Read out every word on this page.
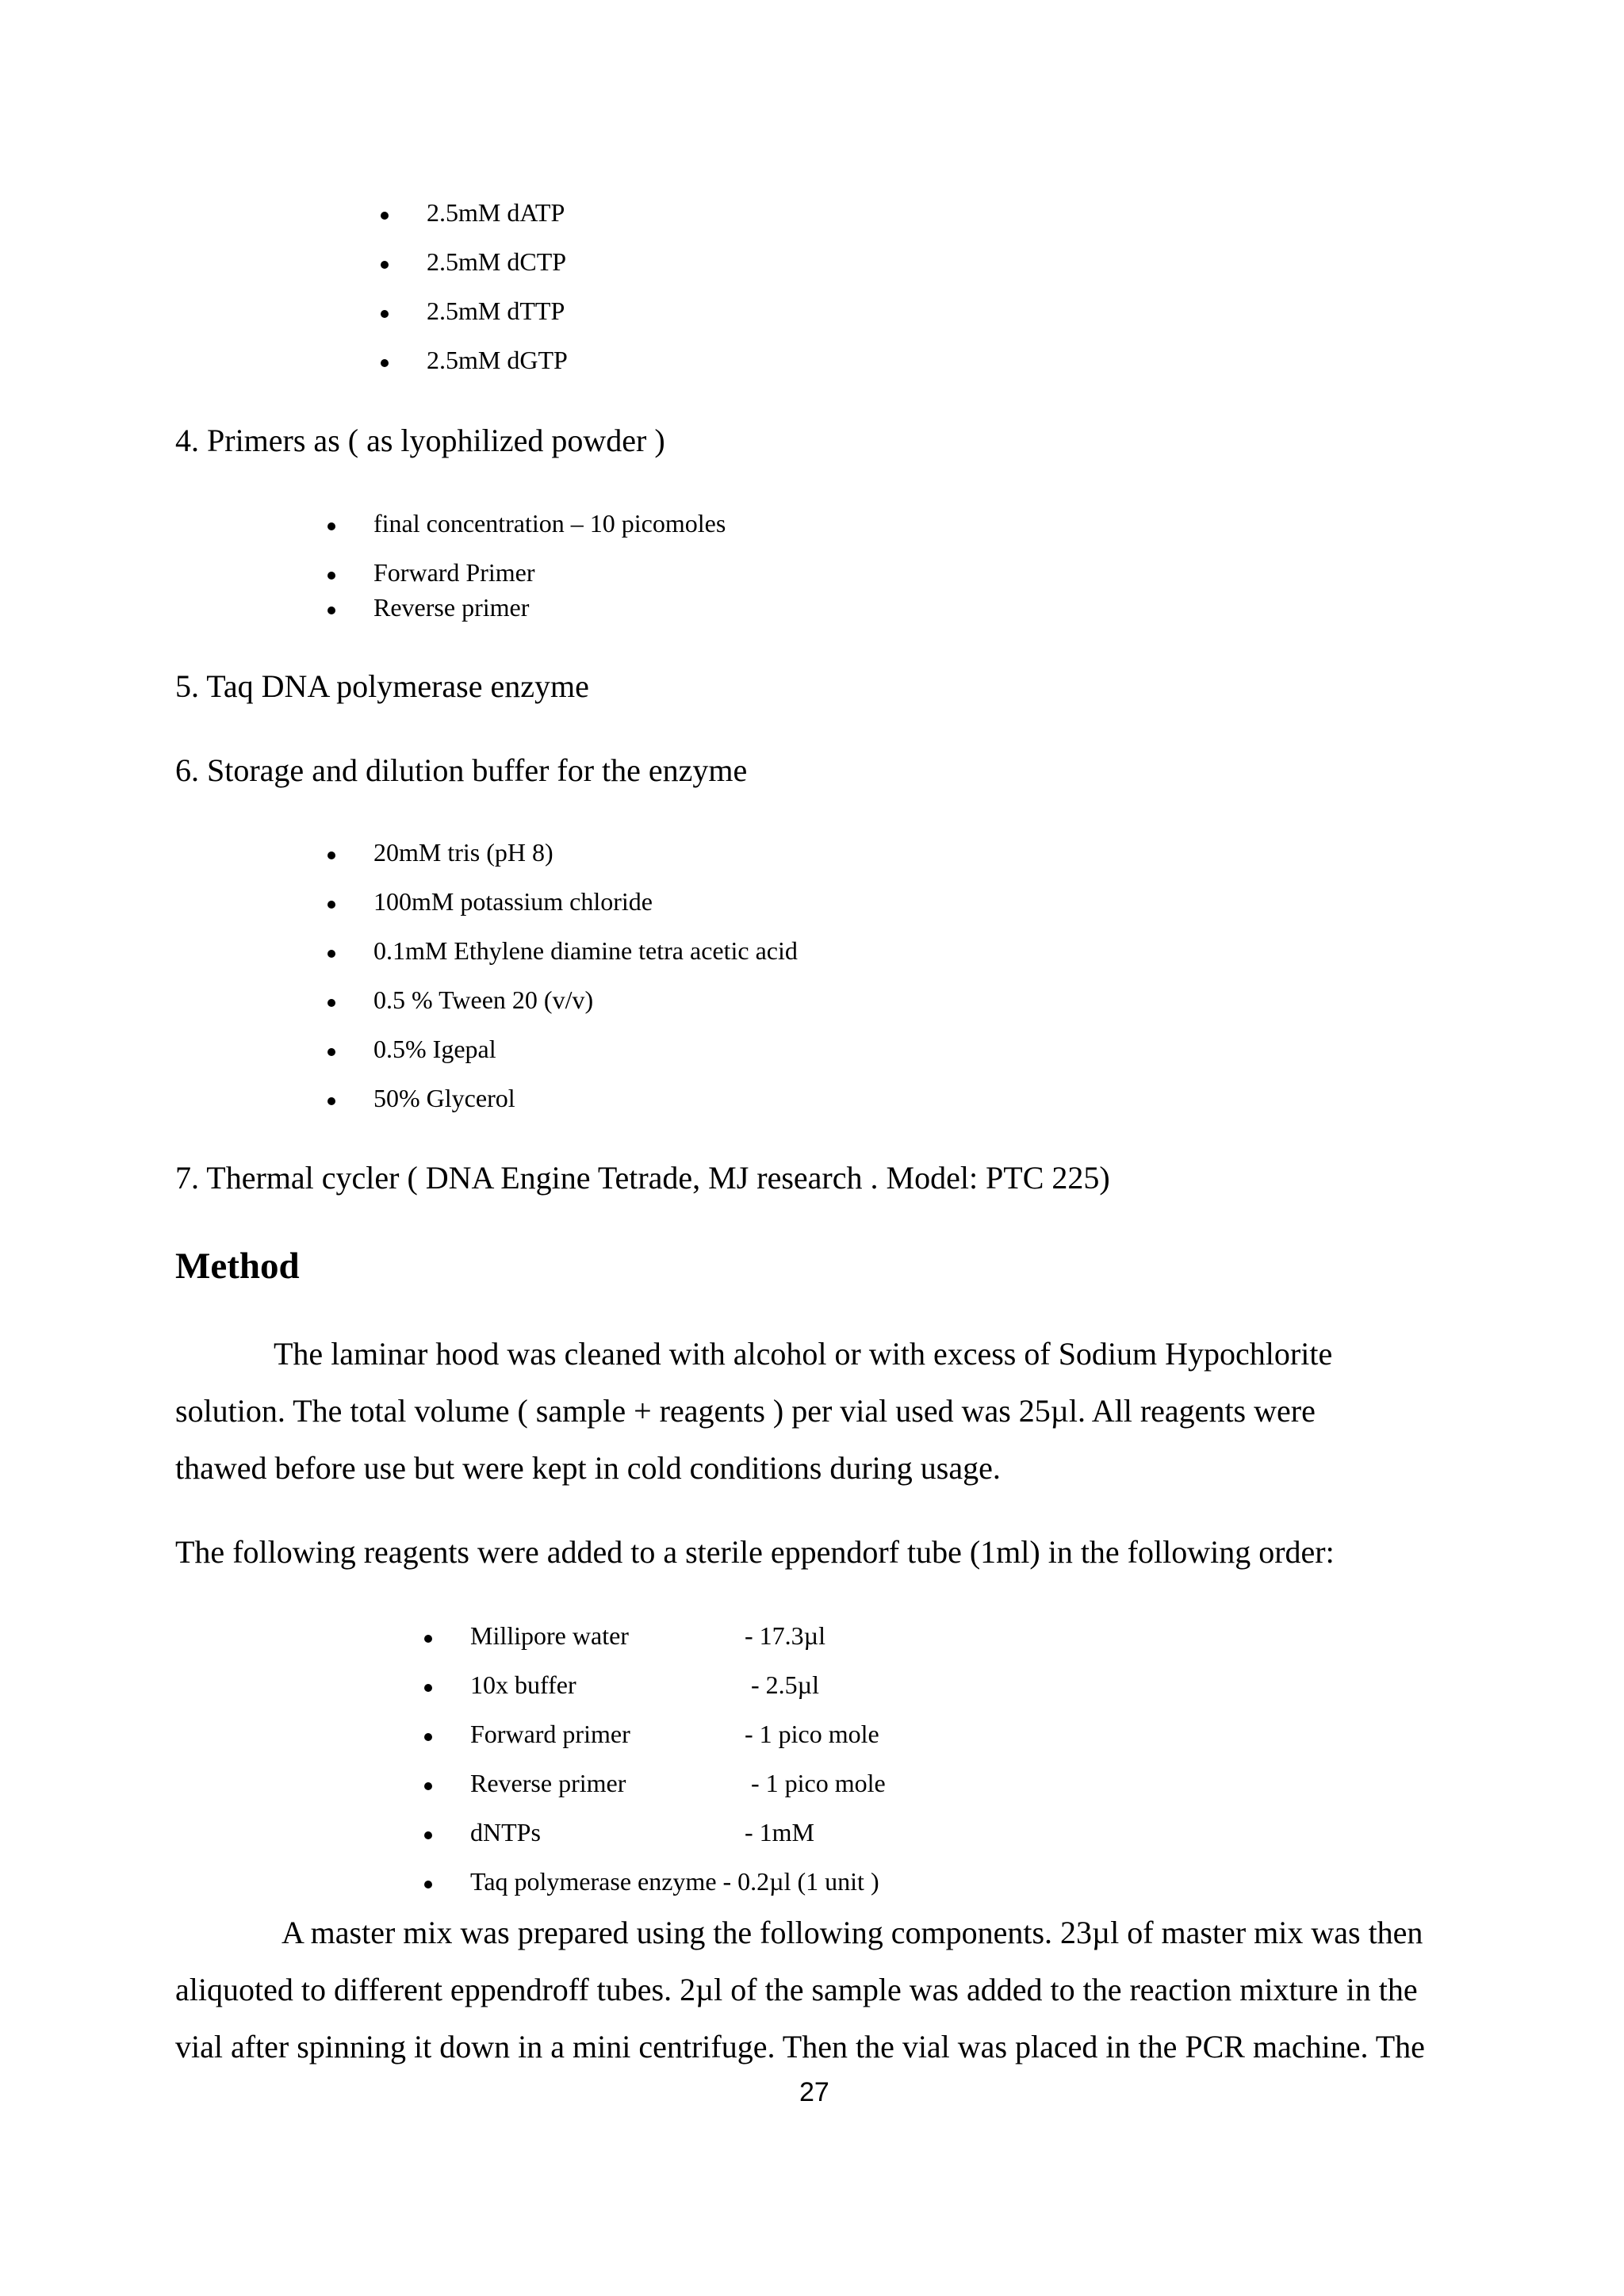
2.5mM dATP
2.5mM dCTP
2.5mM dTTP
2.5mM dGTP
4. Primers as ( as lyophilized powder )
final concentration – 10 picomoles
Forward Primer
Reverse primer
5. Taq DNA polymerase enzyme
6. Storage and dilution buffer for the enzyme
20mM tris (pH 8)
100mM potassium chloride
0.1mM Ethylene diamine tetra acetic acid
0.5 % Tween 20 (v/v)
0.5% Igepal
50% Glycerol
7. Thermal cycler ( DNA Engine Tetrade, MJ research . Model: PTC 225)
Method
The laminar hood was cleaned with alcohol or with excess of Sodium Hypochlorite
solution. The total volume ( sample + reagents ) per vial used was 25µl. All reagents were
thawed before use but were kept in cold conditions during usage.
The following reagents were added to a sterile eppendorf tube (1ml) in the following order:
Millipore water	- 17.3µl
10x buffer	- 2.5µl
Forward primer	- 1 pico mole
Reverse primer	- 1 pico mole
dNTPs	- 1mM
Taq polymerase enzyme - 0.2µl (1 unit )
A master mix was prepared using the following components. 23µl of master mix was then
aliquoted to different eppendroff tubes. 2µl of the sample was added to the reaction mixture in the
vial after spinning it down in a mini centrifuge. Then the vial was placed in the PCR machine. The
27
